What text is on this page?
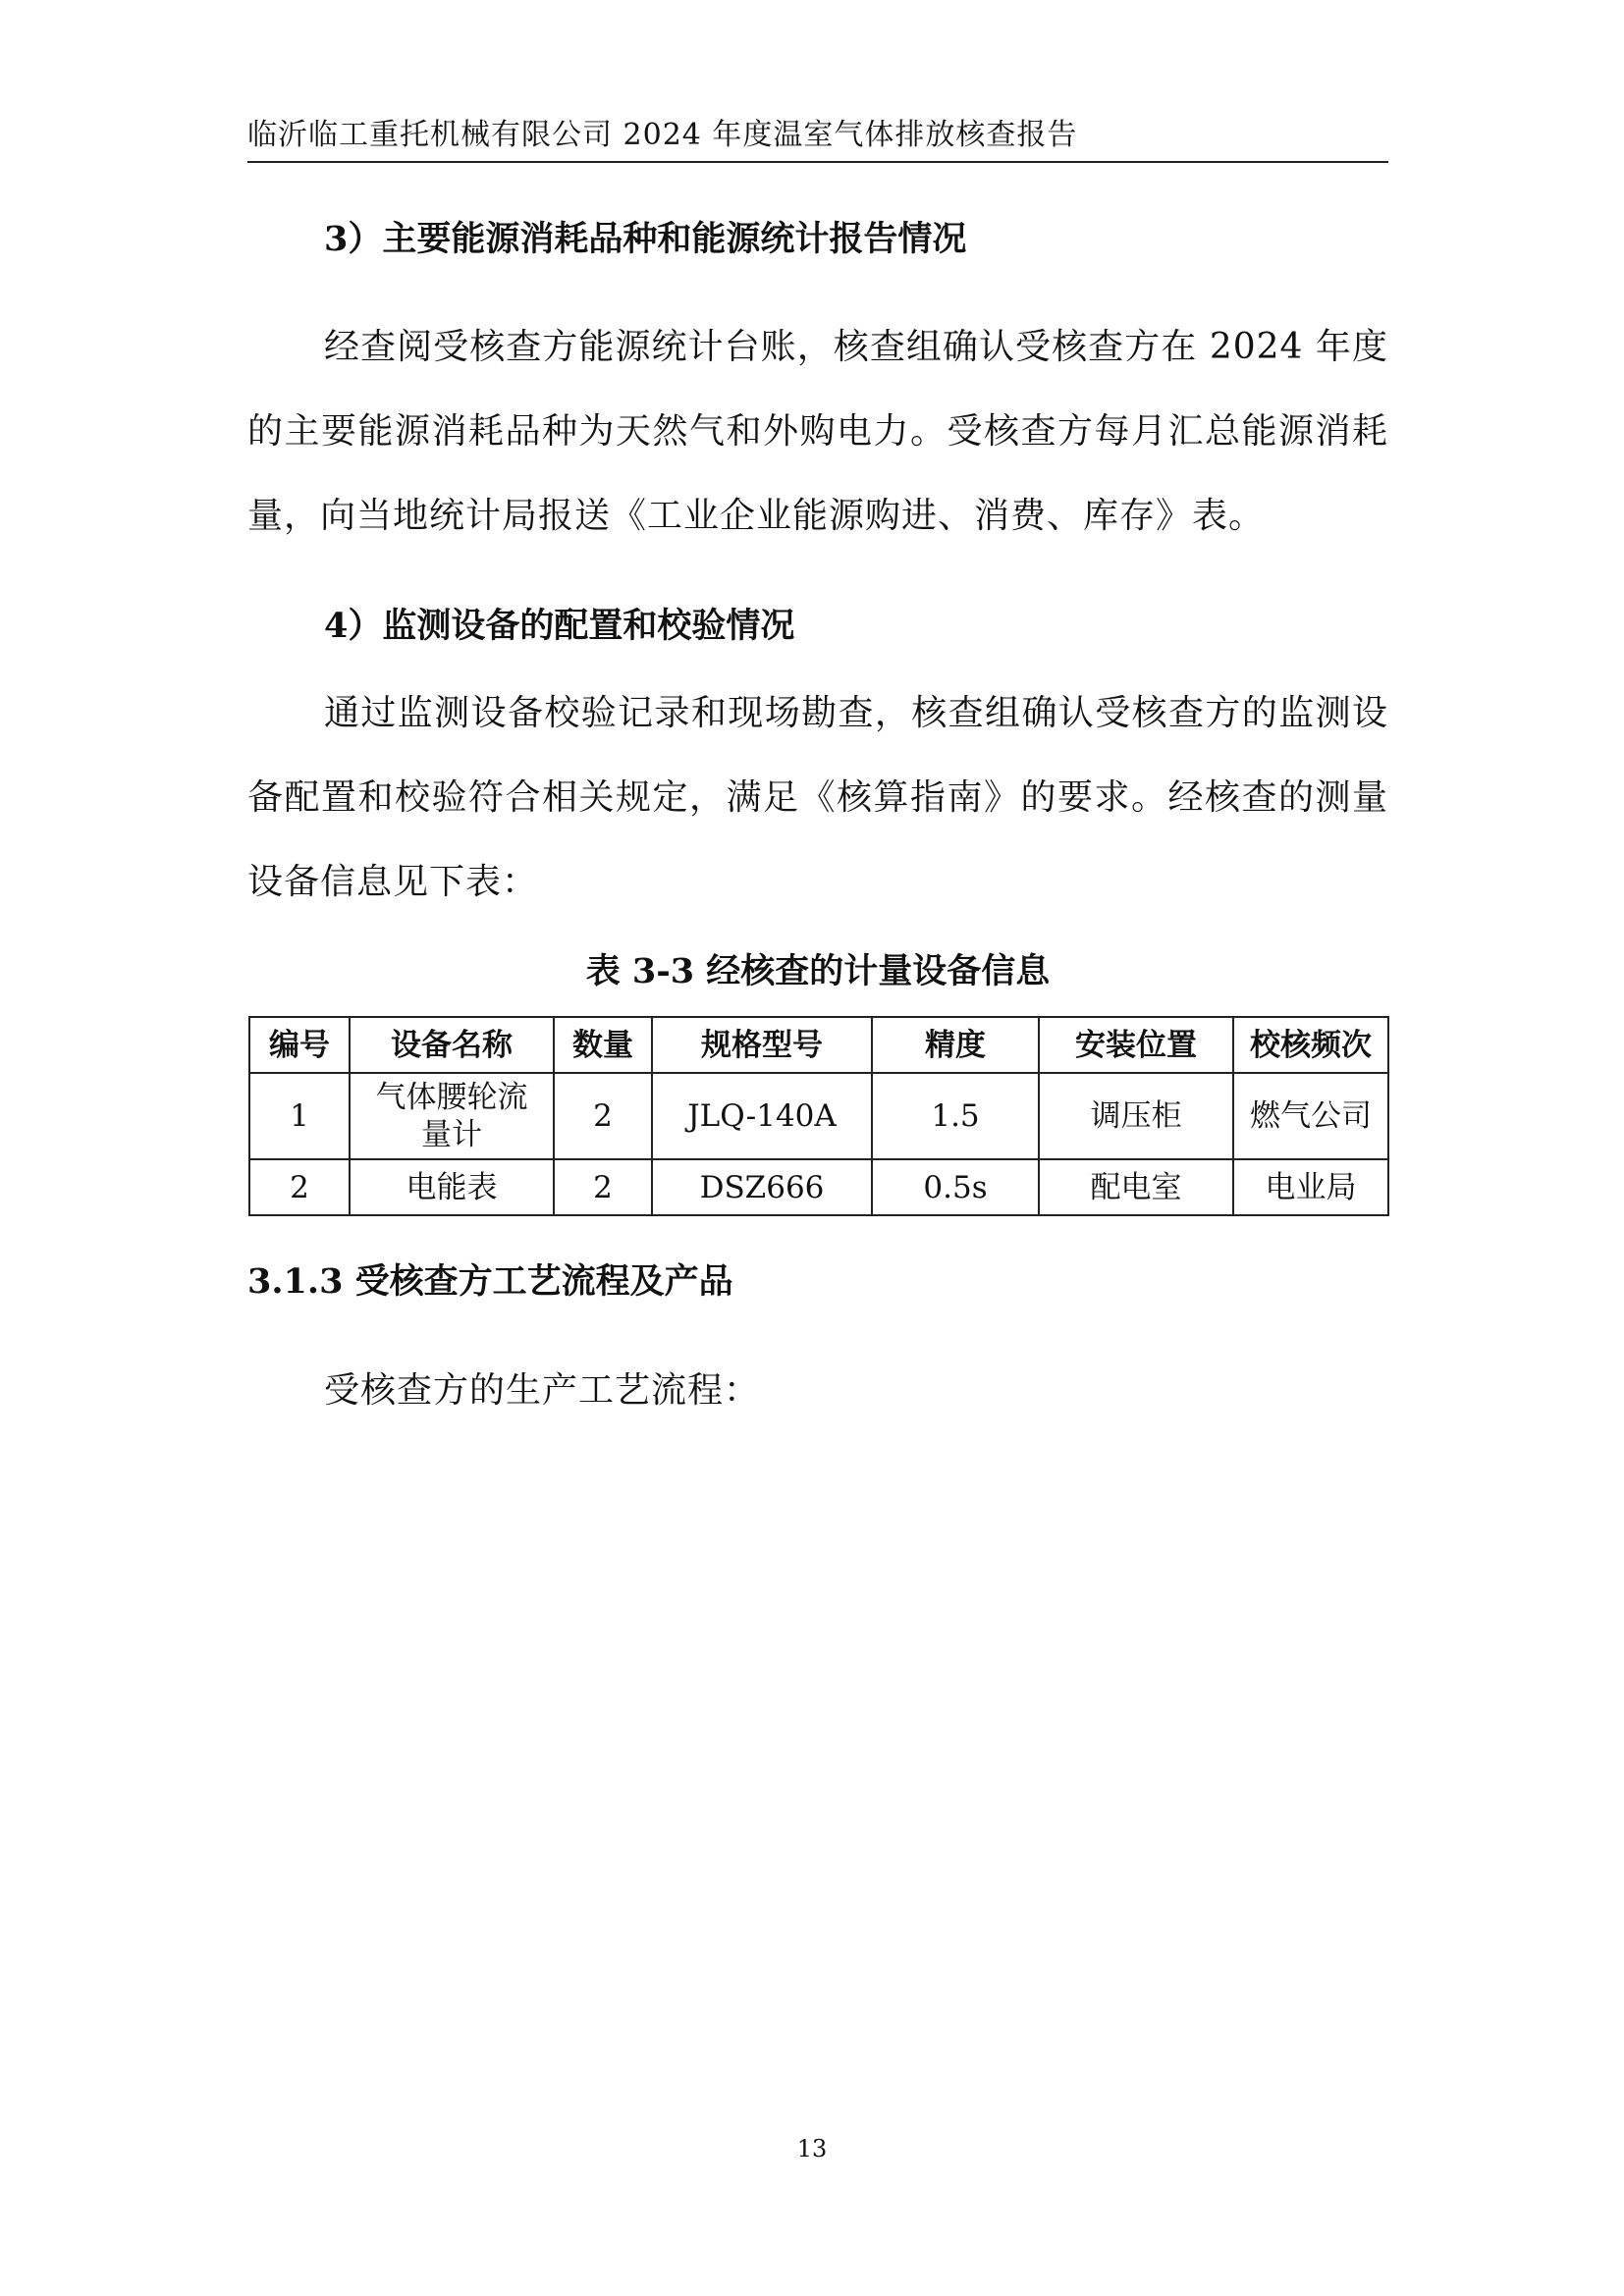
临沂临工重托机械有限公司 2024 年度温室气体排放核查报告
3）主要能源消耗品种和能源统计报告情况
经查阅受核查方能源统计台账，核查组确认受核查方在 2024 年度的主要能源消耗品种为天然气和外购电力。受核查方每月汇总能源消耗量，向当地统计局报送《工业企业能源购进、消费、库存》表。
4）监测设备的配置和校验情况
通过监测设备校验记录和现场勘查，核查组确认受核查方的监测设备配置和校验符合相关规定，满足《核算指南》的要求。经核查的测量设备信息见下表：
表 3-3 经核查的计量设备信息
编号	设备名称	数量	规格型号	精度	安装位置	校核频次
1	气体腰轮流量计	2	JLQ-140A	1.5	调压柜	燃气公司
2	电能表	2	DSZ666	0.5s	配电室	电业局
3.1.3 受核查方工艺流程及产品
受核查方的生产工艺流程：
13
